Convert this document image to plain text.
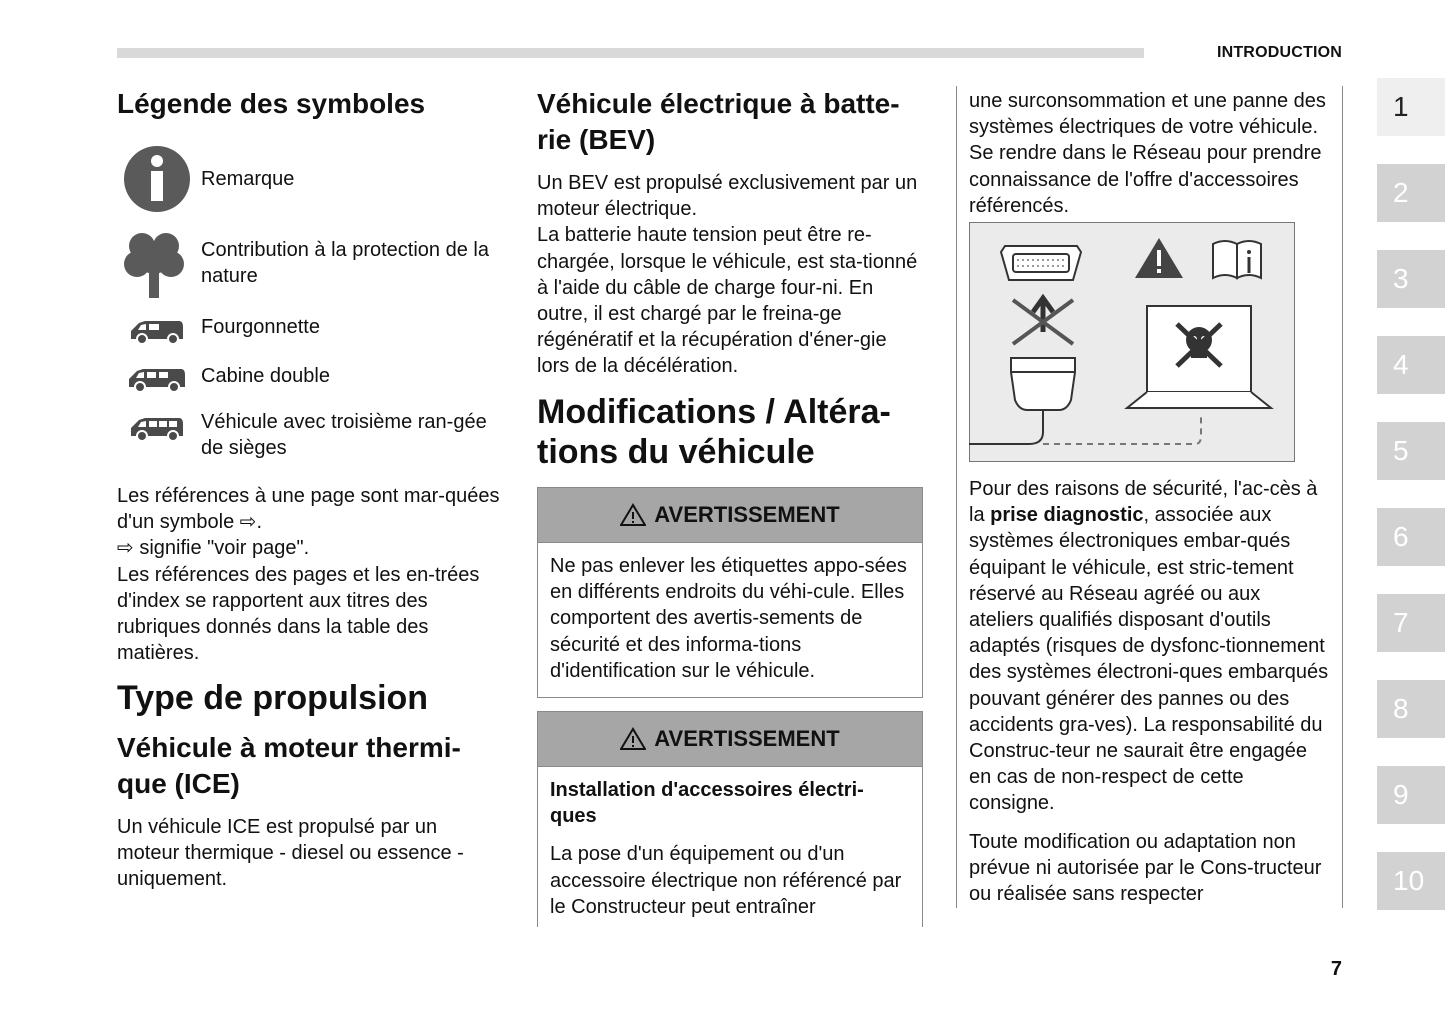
INTRODUCTION
7
1
2
3
4
5
6
7
8
9
10
Légende des symboles
Remarque
Contribution à la protection de la nature
Fourgonnette
Cabine double
Véhicule avec troisième ran-gée de sièges

Les références à une page sont mar-quées d'un symbole ⇨.
⇨ signifie "voir page".
Les références des pages et les en-trées d'index se rapportent aux titres des rubriques donnés dans la table des matières.

Type de propulsion
Véhicule à moteur thermi-que (ICE)

Un véhicule ICE est propulsé par un moteur thermique - diesel ou essence - uniquement.

Véhicule électrique à batte-rie (BEV)

Un BEV est propulsé exclusivement par un moteur électrique.
La batterie haute tension peut être re-chargée, lorsque le véhicule, est sta-tionné à l'aide du câble de charge four-ni. En outre, il est chargé par le freina-ge régénératif et la récupération d'éner-gie lors de la décélération.

Modifications / Altéra-tions du véhicule
AVERTISSEMENT

Ne pas enlever les étiquettes appo-sées en différents endroits du véhi-cule. Elles comportent des avertis-sements de sécurité et des informa-tions d'identification sur le véhicule.

AVERTISSEMENT

Installation d'accessoires électri-ques

La pose d'un équipement ou d'un accessoire électrique non référencé par le Constructeur peut entraîner

une surconsommation et une panne des systèmes électriques de votre véhicule. Se rendre dans le Réseau pour prendre connaissance de l'offre d'accessoires référencés.

Pour des raisons de sécurité, l'ac-cès à la prise diagnostic, associée aux systèmes électroniques embar-qués équipant le véhicule, est stric-tement réservé au Réseau agréé ou aux ateliers qualifiés disposant d'outils adaptés (risques de dysfonc-tionnement des systèmes électroni-ques embarqués pouvant générer des pannes ou des accidents gra-ves). La responsabilité du Construc-teur ne saurait être engagée en cas de non-respect de cette consigne.

Toute modification ou adaptation non prévue ni autorisée par le Cons-tructeur ou réalisée sans respecter
